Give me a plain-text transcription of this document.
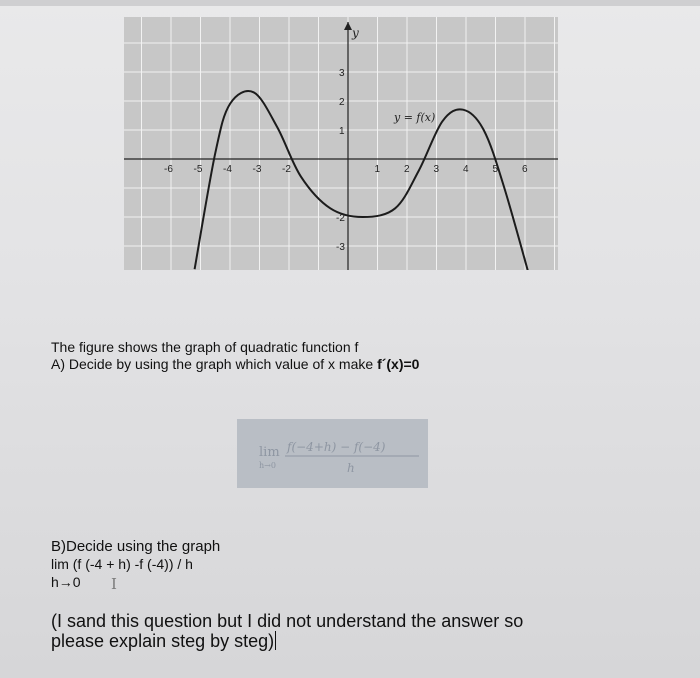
y
-6 -5 -4 -3 -2	1 2 3 4 5 6
3
2
1
-2
-3
y = f(x)
The figure shows the graph of quadratic function f
A) Decide by using the graph which value of x make f´(x)=0
lim
h→0
f(−4+h) − f(−4)
h
B)Decide using the graph
lim (f (-4 + h) -f (-4)) / h
h→0 I

(I sand this question but I did not understand the answer so

please explain steg by steg)
